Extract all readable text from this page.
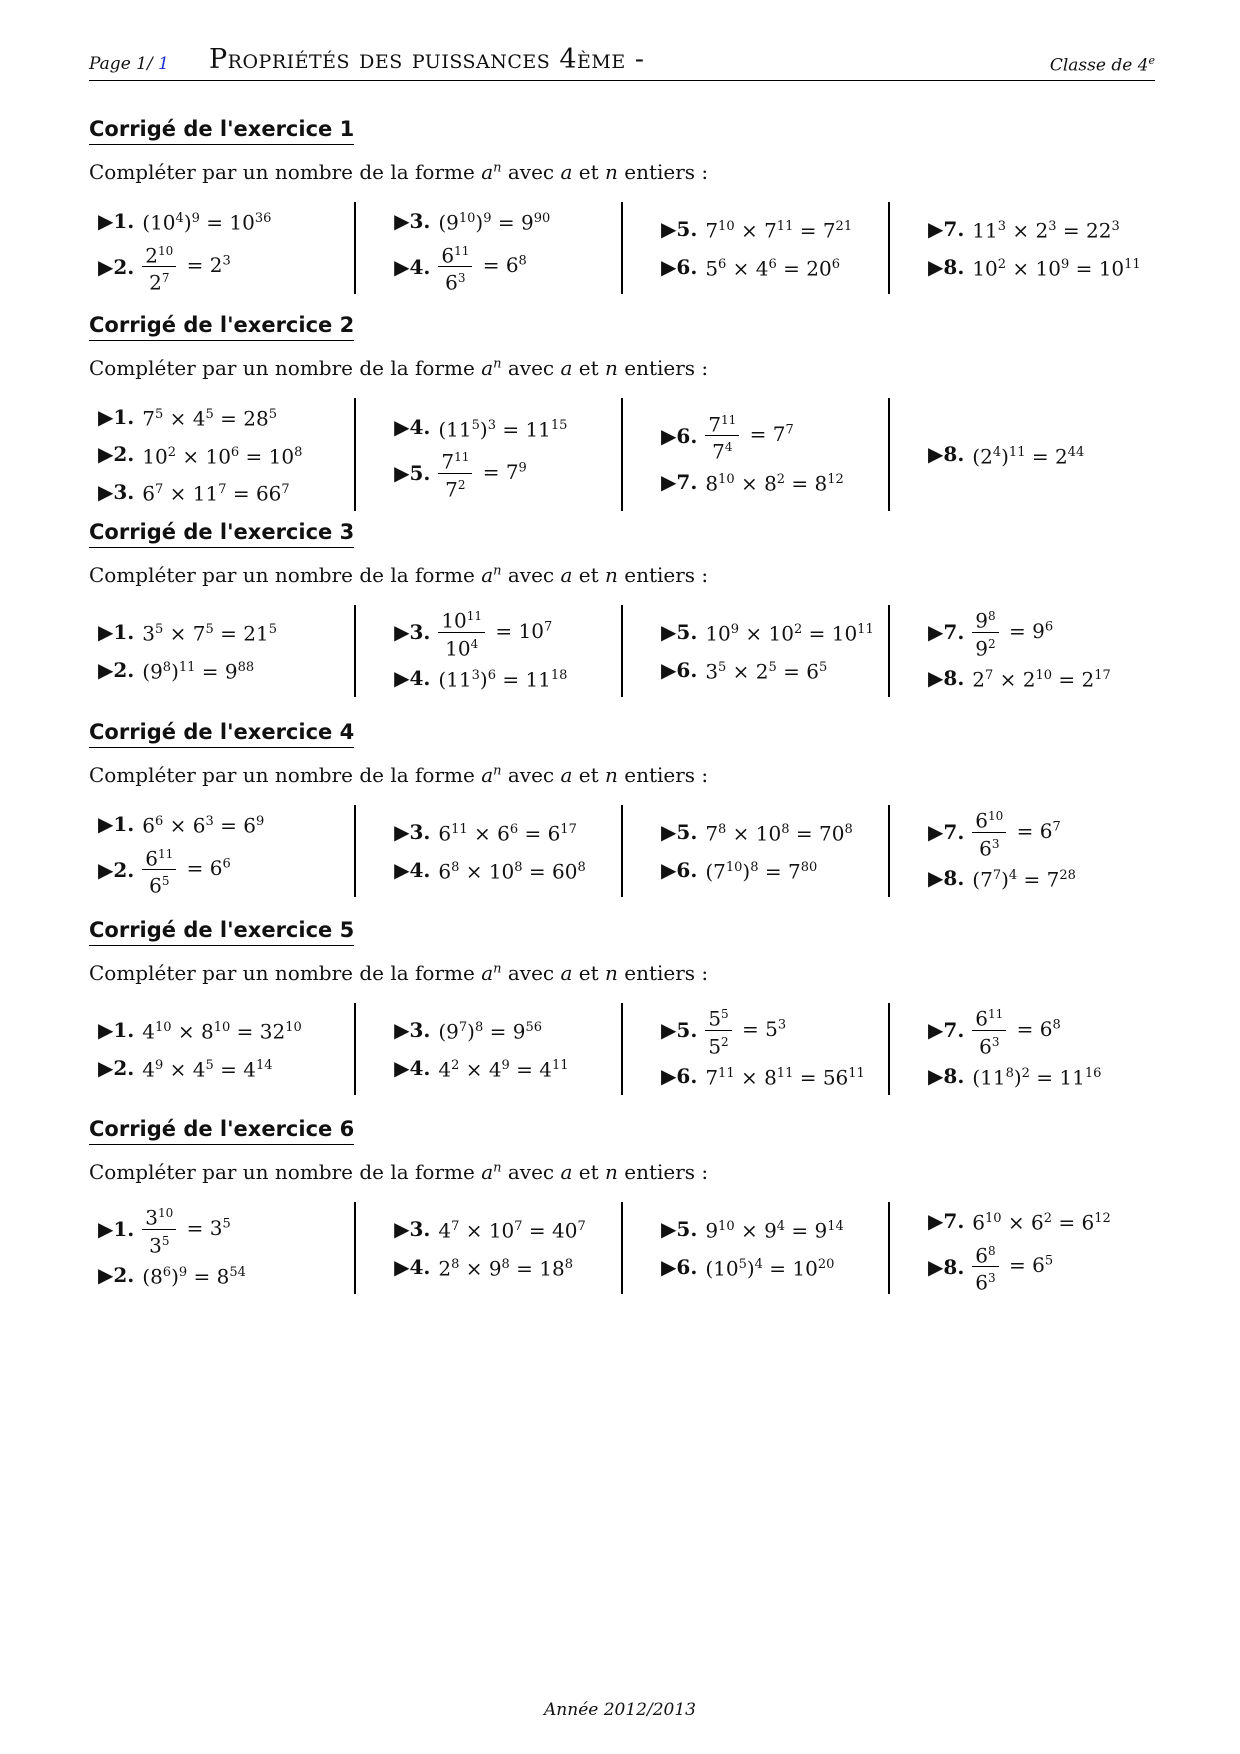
Page 1/ 1 Propriétés des puissances 4ème -	Classe de 4e
Corrigé de l'exercice 1
Compléter par un nombre de la forme $a^n$ avec a et n entiers :
▶1. $(10^4)^9 = 10^{36}$
▶2. $\frac{2^{10}}{2^7} = 2^3$
▶3. $(9^{10})^9 = 9^{90}$
▶4. $\frac{6^{11}}{6^3} = 6^8$
▶5. $7^{10} \times 7^{11} = 7^{21}$
▶6. $5^6 \times 4^6 = 20^6$
▶7. $11^3 \times 2^3 = 22^3$
▶8. $10^2 \times 10^9 = 10^{11}$
Corrigé de l'exercice 2
Compléter par un nombre de la forme $a^n$ avec a et n entiers :
▶1. $7^5 \times 4^5 = 28^5$
▶2. $10^2 \times 10^6 = 10^8$
▶3. $6^7 \times 11^7 = 66^7$
▶4. $(11^5)^3 = 11^{15}$
▶5. $\frac{7^{11}}{7^2} = 7^9$
▶6. $\frac{7^{11}}{7^4} = 7^7$
▶7. $8^{10} \times 8^2 = 8^{12}$
▶8. $(2^4)^{11} = 2^{44}$
Corrigé de l'exercice 3
Compléter par un nombre de la forme $a^n$ avec a et n entiers :
▶1. $3^5 \times 7^5 = 21^5$
▶2. $(9^8)^{11} = 9^{88}$
▶3. $\frac{10^{11}}{10^4} = 10^7$
▶4. $(11^3)^6 = 11^{18}$
▶5. $10^9 \times 10^2 = 10^{11}$
▶6. $3^5 \times 2^5 = 6^5$
▶7. $\frac{9^8}{9^2} = 9^6$
▶8. $2^7 \times 2^{10} = 2^{17}$
Corrigé de l'exercice 4
Compléter par un nombre de la forme $a^n$ avec a et n entiers :
▶1. $6^6 \times 6^3 = 6^9$
▶2. $\frac{6^{11}}{6^5} = 6^6$
▶3. $6^{11} \times 6^6 = 6^{17}$
▶4. $6^8 \times 10^8 = 60^8$
▶5. $7^8 \times 10^8 = 70^8$
▶6. $(7^{10})^8 = 7^{80}$
▶7. $\frac{6^{10}}{6^3} = 6^7$
▶8. $(7^7)^4 = 7^{28}$
Corrigé de l'exercice 5
Compléter par un nombre de la forme $a^n$ avec a et n entiers :
▶1. $4^{10} \times 8^{10} = 32^{10}$
▶2. $4^9 \times 4^5 = 4^{14}$
▶3. $(9^7)^8 = 9^{56}$
▶4. $4^2 \times 4^9 = 4^{11}$
▶5. $\frac{5^5}{5^2} = 5^3$
▶6. $7^{11} \times 8^{11} = 56^{11}$
▶7. $\frac{6^{11}}{6^3} = 6^8$
▶8. $(11^8)^2 = 11^{16}$
Corrigé de l'exercice 6
Compléter par un nombre de la forme $a^n$ avec a et n entiers :
▶1. $\frac{3^{10}}{3^5} = 3^5$
▶2. $(8^6)^9 = 8^{54}$
▶3. $4^7 \times 10^7 = 40^7$
▶4. $2^8 \times 9^8 = 18^8$
▶5. $9^{10} \times 9^4 = 9^{14}$
▶6. $(10^5)^4 = 10^{20}$
▶7. $6^{10} \times 6^2 = 6^{12}$
▶8. $\frac{6^8}{6^3} = 6^5$
Année 2012/2013
